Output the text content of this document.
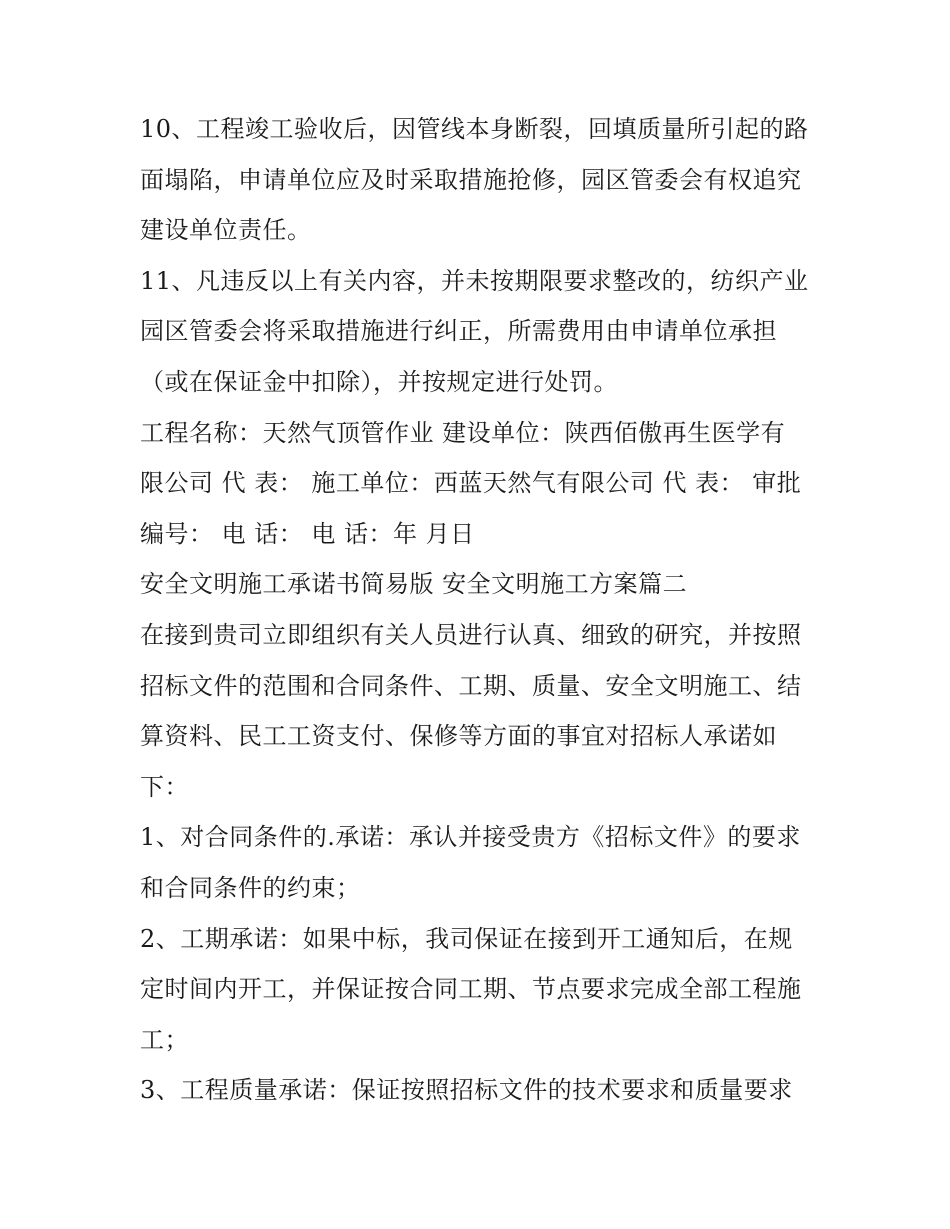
10、工程竣工验收后，因管线本身断裂，回填质量所引起的路
面塌陷，申请单位应及时采取措施抢修，园区管委会有权追究
建设单位责任。
11、凡违反以上有关内容，并未按期限要求整改的，纺织产业
园区管委会将采取措施进行纠正，所需费用由申请单位承担
（或在保证金中扣除），并按规定进行处罚。
工程名称：天然气顶管作业 建设单位：陕西佰傲再生医学有
限公司 代 表： 施工单位：西蓝天然气有限公司 代 表： 审批
编号： 电 话： 电 话：年 月日
安全文明施工承诺书简易版 安全文明施工方案篇二
在接到贵司立即组织有关人员进行认真、细致的研究，并按照
招标文件的范围和合同条件、工期、质量、安全文明施工、结
算资料、民工工资支付、保修等方面的事宜对招标人承诺如
下：
1、对合同条件的.承诺：承认并接受贵方《招标文件》的要求
和合同条件的约束；
2、工期承诺：如果中标，我司保证在接到开工通知后，在规
定时间内开工，并保证按合同工期、节点要求完成全部工程施
工；
3、工程质量承诺：保证按照招标文件的技术要求和质量要求
